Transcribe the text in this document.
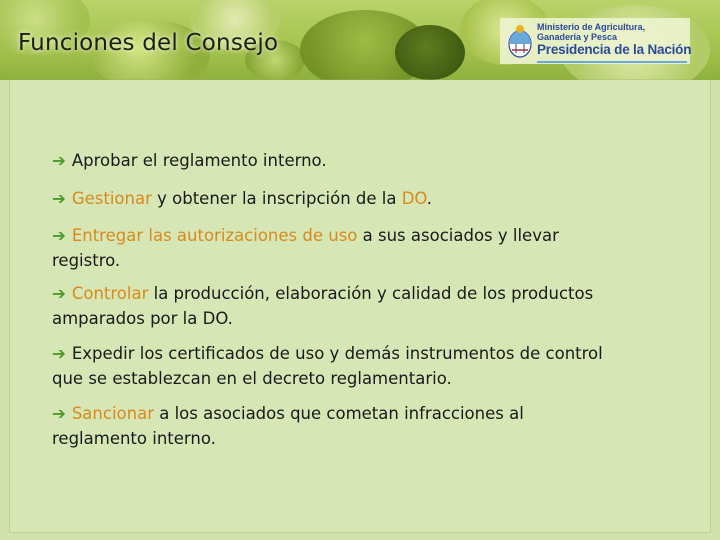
Funciones del Consejo
Ministerio de Agricultura, Ganadería y Pesca
Presidencia de la Nación
➔ Aprobar el reglamento interno.
➔ Gestionar y obtener la inscripción de la DO.
➔ Entregar las autorizaciones de uso a sus asociados y llevar registro.
➔ Controlar la producción, elaboración y calidad de los productos amparados por la DO.
➔ Expedir los certificados de uso y demás instrumentos de control que se establezcan en el decreto reglamentario.
➔ Sancionar a los asociados que cometan infracciones al reglamento interno.
